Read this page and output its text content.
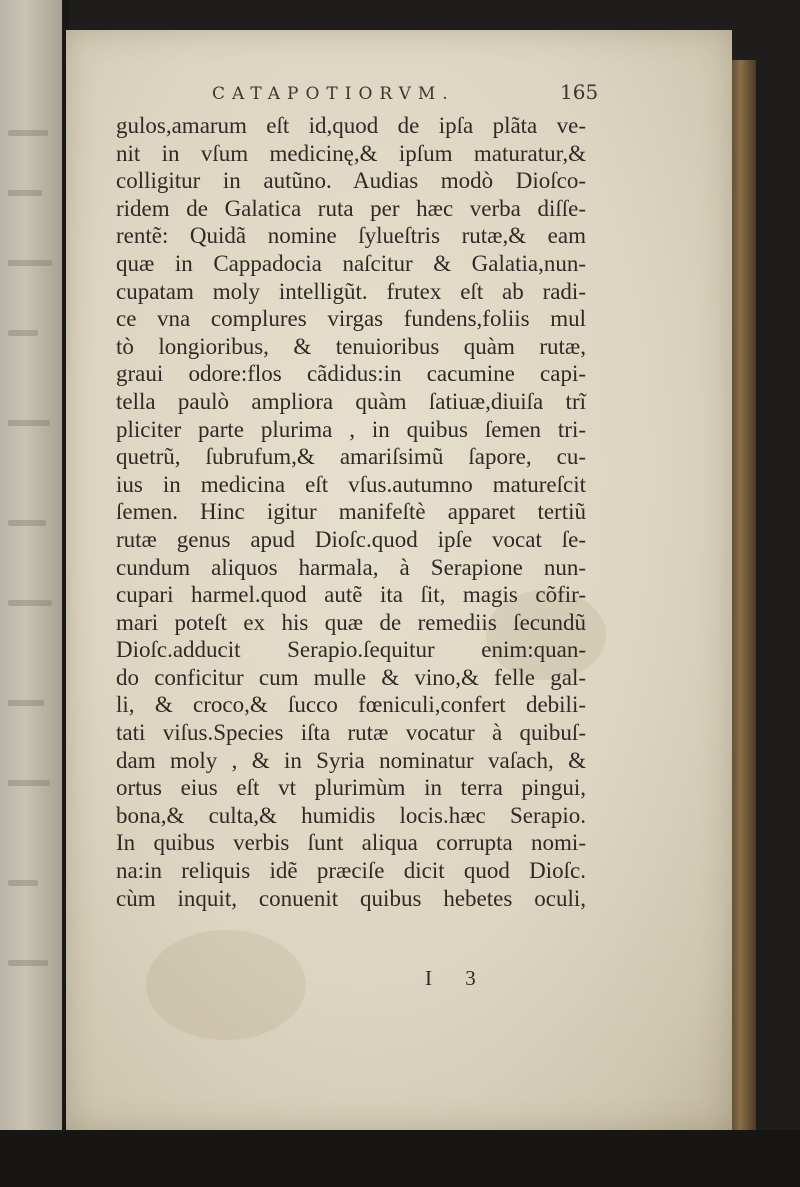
CATAPOTIORVM.	165
gulos,amarum eſt id,quod de ipſa plãta ve-
nit in vſum medicinę,& ipſum maturatur,&
colligitur in autũno. Audias modò Dioſco-
ridem de Galatica ruta per hæc verba diſſe-
rentẽ: Quidã nomine ſylueſtris rutæ,& eam
quæ in Cappadocia naſcitur & Galatia,nun-
cupatam moly intelligũt. frutex eſt ab radi-
ce vna complures virgas fundens,foliis mul
tò longioribus, & tenuioribus quàm rutæ,
graui odore:flos cãdidus:in cacumine capi-
tella paulò ampliora quàm ſatiuæ,diuiſa trĩ
pliciter parte plurima , in quibus ſemen tri-
quetrũ, ſubrufum,& amariſsimũ ſapore, cu-
ius in medicina eſt vſus.autumno matureſcit
ſemen. Hinc igitur manifeſtè apparet tertiũ
rutæ genus apud Dioſc.quod ipſe vocat ſe-
cundum aliquos harmala, à Serapione nun-
cupari harmel.quod autẽ ita ſit, magis cõfir-
mari poteſt ex his quæ de remediis ſecundũ
Dioſc.adducit Serapio.ſequitur enim:quan-
do conficitur cum mulle & vino,& felle gal-
li, & croco,& ſucco fœniculi,confert debili-
tati viſus.Species iſta rutæ vocatur à quibuſ-
dam moly , & in Syria nominatur vaſach, &
ortus eius eſt vt plurimùm in terra pingui,
bona,& culta,& humidis locis.hæc Serapio.
In quibus verbis ſunt aliqua corrupta nomi-
na:in reliquis idẽ præciſe dicit quod Dioſc.
cùm inquit, conuenit quibus hebetes oculi,
I 3
